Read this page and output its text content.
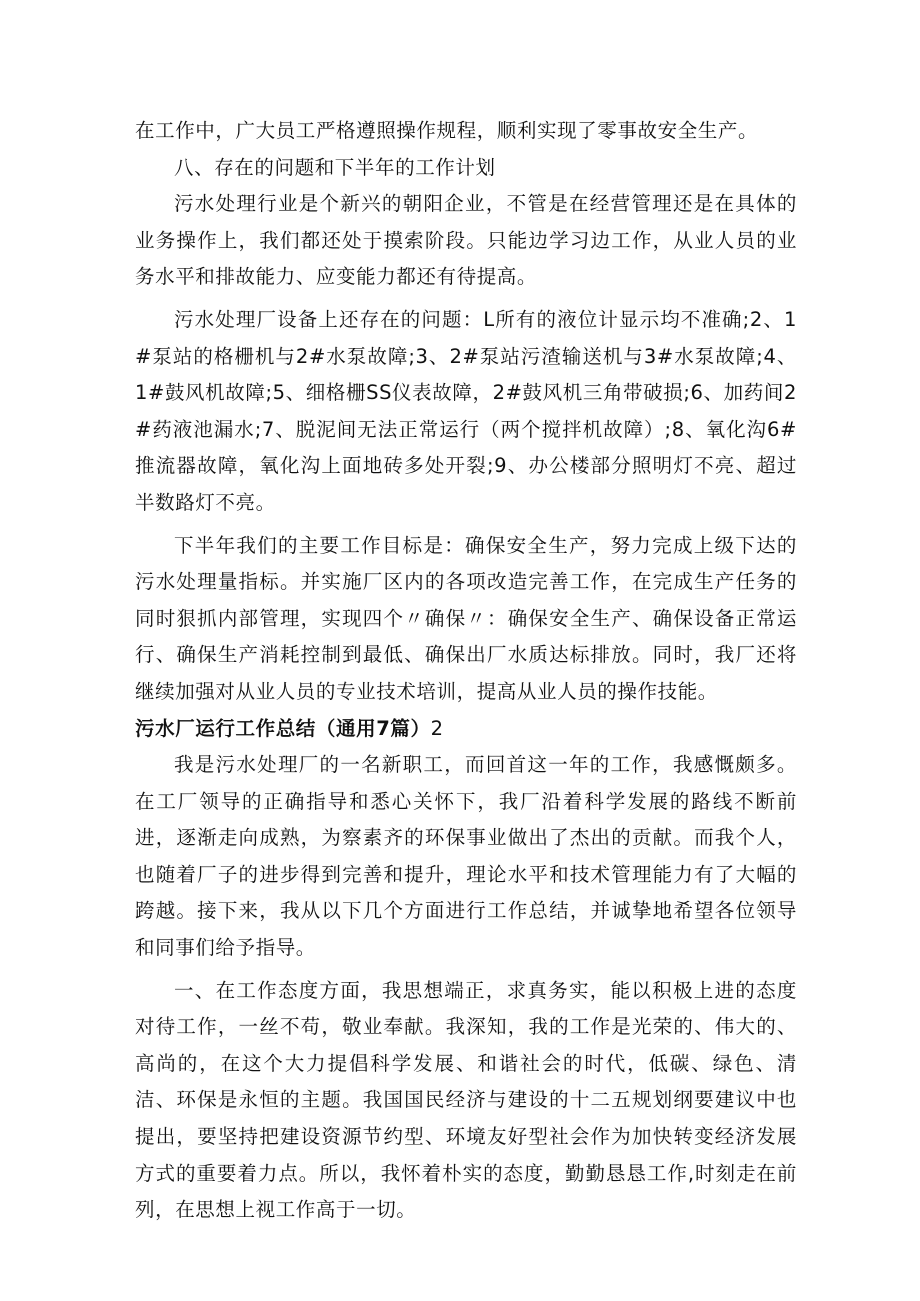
在工作中，广大员工严格遵照操作规程，顺利实现了零事故安全生产。

八、存在的问题和下半年的工作计划

污水处理行业是个新兴的朝阳企业，不管是在经营管理还是在具体的业务操作上，我们都还处于摸索阶段。只能边学习边工作，从业人员的业务水平和排故能力、应变能力都还有待提高。

污水处理厂设备上还存在的问题：L所有的液位计显示均不准确;2、1#泵站的格栅机与2#水泵故障;3、2#泵站污渣输送机与3#水泵故障;4、1#鼓风机故障;5、细格栅SS仪表故障，2#鼓风机三角带破损;6、加药间2#药液池漏水;7、脱泥间无法正常运行（两个搅拌机故障）;8、氧化沟6#推流器故障，氧化沟上面地砖多处开裂;9、办公楼部分照明灯不亮、超过半数路灯不亮。

下半年我们的主要工作目标是：确保安全生产，努力完成上级下达的污水处理量指标。并实施厂区内的各项改造完善工作，在完成生产任务的同时狠抓内部管理，实现四个〃确保〃：确保安全生产、确保设备正常运行、确保生产消耗控制到最低、确保出厂水质达标排放。同时，我厂还将继续加强对从业人员的专业技术培训，提高从业人员的操作技能。

污水厂运行工作总结（通用7篇）2

我是污水处理厂的一名新职工，而回首这一年的工作，我感慨颇多。在工厂领导的正确指导和悉心关怀下，我厂沿着科学发展的路线不断前进，逐渐走向成熟，为察素齐的环保事业做出了杰出的贡献。而我个人，也随着厂子的进步得到完善和提升，理论水平和技术管理能力有了大幅的跨越。接下来，我从以下几个方面进行工作总结，并诚挚地希望各位领导和同事们给予指导。

一、在工作态度方面，我思想端正，求真务实，能以积极上进的态度对待工作，一丝不苟，敬业奉献。我深知，我的工作是光荣的、伟大的、高尚的，在这个大力提倡科学发展、和谐社会的时代，低碳、绿色、清洁、环保是永恒的主题。我国国民经济与建设的十二五规划纲要建议中也提出，要坚持把建设资源节约型、环境友好型社会作为加快转变经济发展方式的重要着力点。所以，我怀着朴实的态度，勤勤恳恳工作,时刻走在前列，在思想上视工作高于一切。
